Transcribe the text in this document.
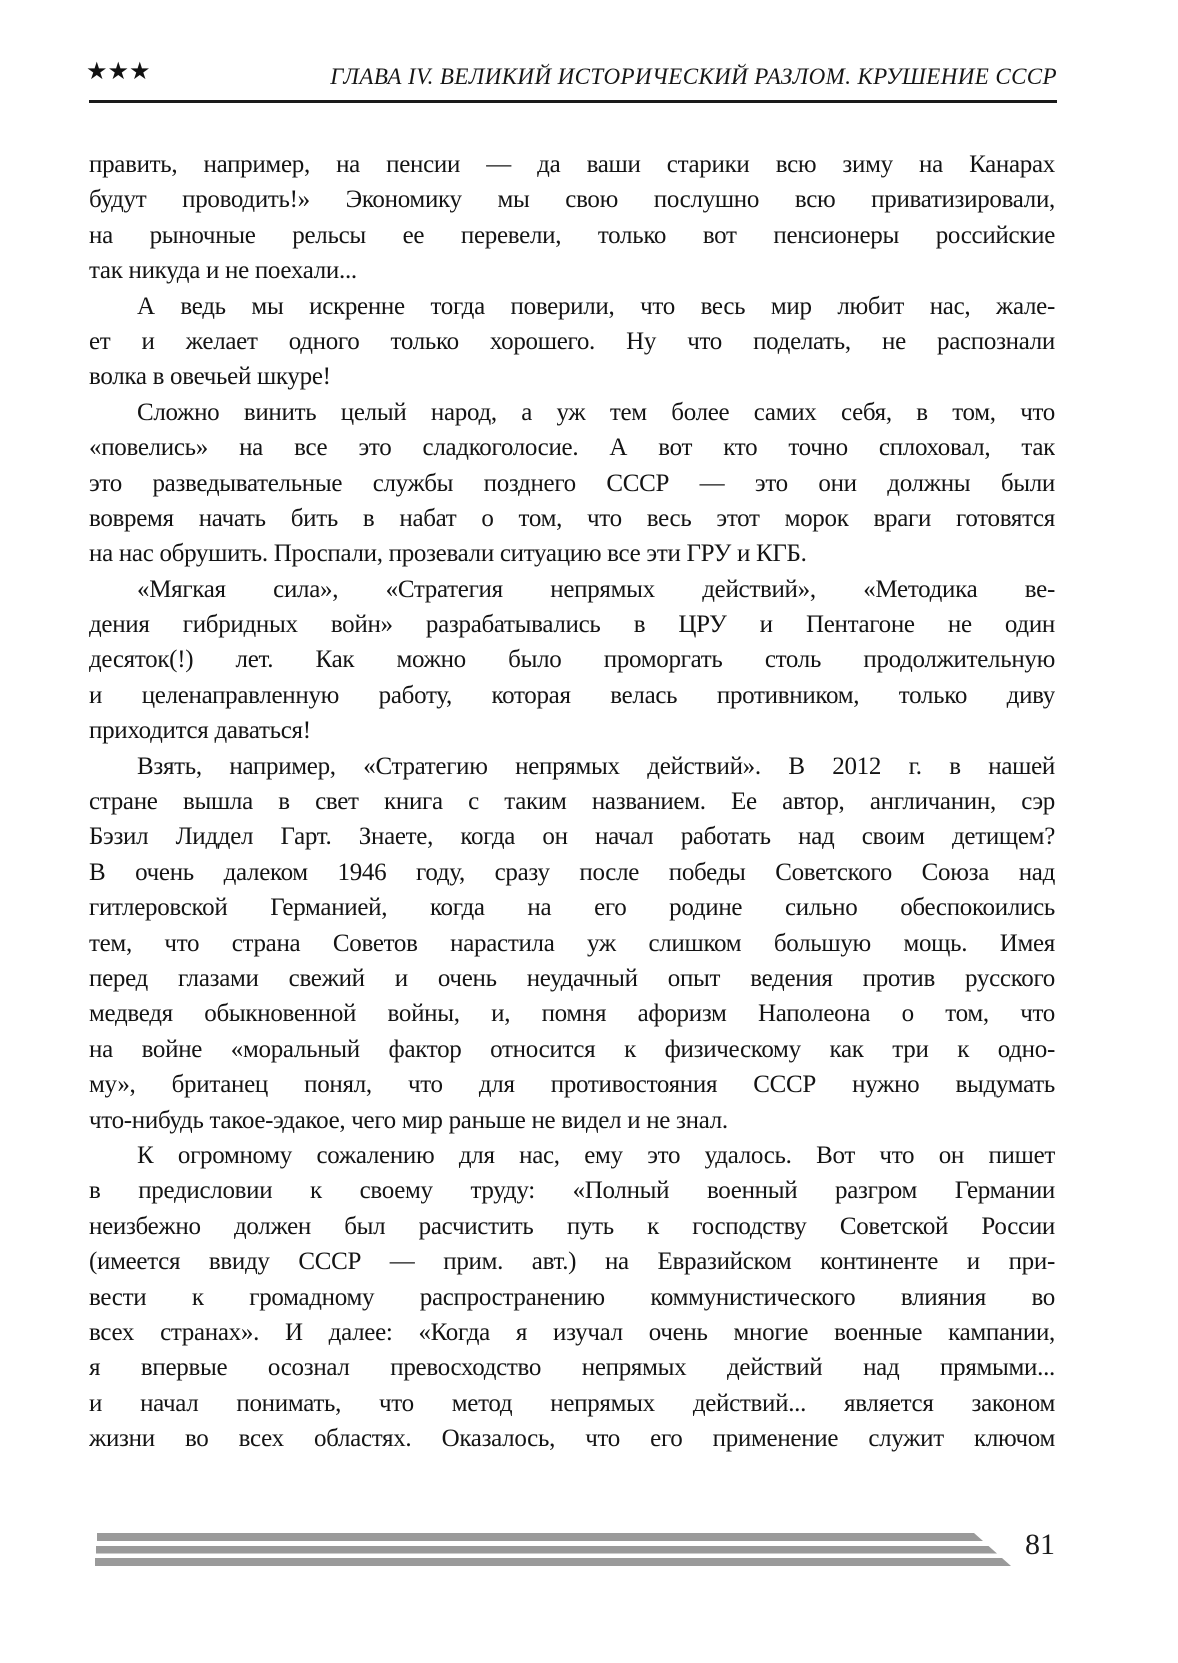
★★★	ГЛАВА IV. ВЕЛИКИЙ ИСТОРИЧЕСКИЙ РАЗЛОМ. КРУШЕНИЕ СССР

править, например, на пенсии — да ваши старики всю зиму на Канарах
будут проводить!» Экономику мы свою послушно всю приватизировали,
на рыночные рельсы ее перевели, только вот пенсионеры российские
так никуда и не поехали...

А ведь мы искренне тогда поверили, что весь мир любит нас, жале-
ет и желает одного только хорошего. Ну что поделать, не распознали
волка в овечьей шкуре!

Сложно винить целый народ, а уж тем более самих себя, в том, что
«повелись» на все это сладкоголосие. А вот кто точно сплоховал, так
это разведывательные службы позднего СССР — это они должны были
вовремя начать бить в набат о том, что весь этот морок враги готовятся
на нас обрушить. Проспали, прозевали ситуацию все эти ГРУ и КГБ.

«Мягкая сила», «Стратегия непрямых действий», «Методика ве-
дения гибридных войн» разрабатывались в ЦРУ и Пентагоне не один
десяток(!) лет. Как можно было проморгать столь продолжительную
и целенаправленную работу, которая велась противником, только диву
приходится даваться!

Взять, например, «Стратегию непрямых действий». В 2012 г. в нашей
стране вышла в свет книга с таким названием. Ее автор, англичанин, сэр
Бэзил Лиддел Гарт. Знаете, когда он начал работать над своим детищем?
В очень далеком 1946 году, сразу после победы Советского Союза над
гитлеровской Германией, когда на его родине сильно обеспокоились
тем, что страна Советов нарастила уж слишком большую мощь. Имея
перед глазами свежий и очень неудачный опыт ведения против русского
медведя обыкновенной войны, и, помня афоризм Наполеона о том, что
на войне «моральный фактор относится к физическому как три к одно-
му», британец понял, что для противостояния СССР нужно выдумать
что-нибудь такое-эдакое, чего мир раньше не видел и не знал.

К огромному сожалению для нас, ему это удалось. Вот что он пишет
в предисловии к своему труду: «Полный военный разгром Германии
неизбежно должен был расчистить путь к господству Советской России
(имеется ввиду СССР — прим. авт.) на Евразийском континенте и при-
вести к громадному распространению коммунистического влияния во
всех странах». И далее: «Когда я изучал очень многие военные кампании,
я впервые осознал превосходство непрямых действий над прямыми...
и начал понимать, что метод непрямых действий... является законом
жизни во всех областях. Оказалось, что его применение служит ключом

81
